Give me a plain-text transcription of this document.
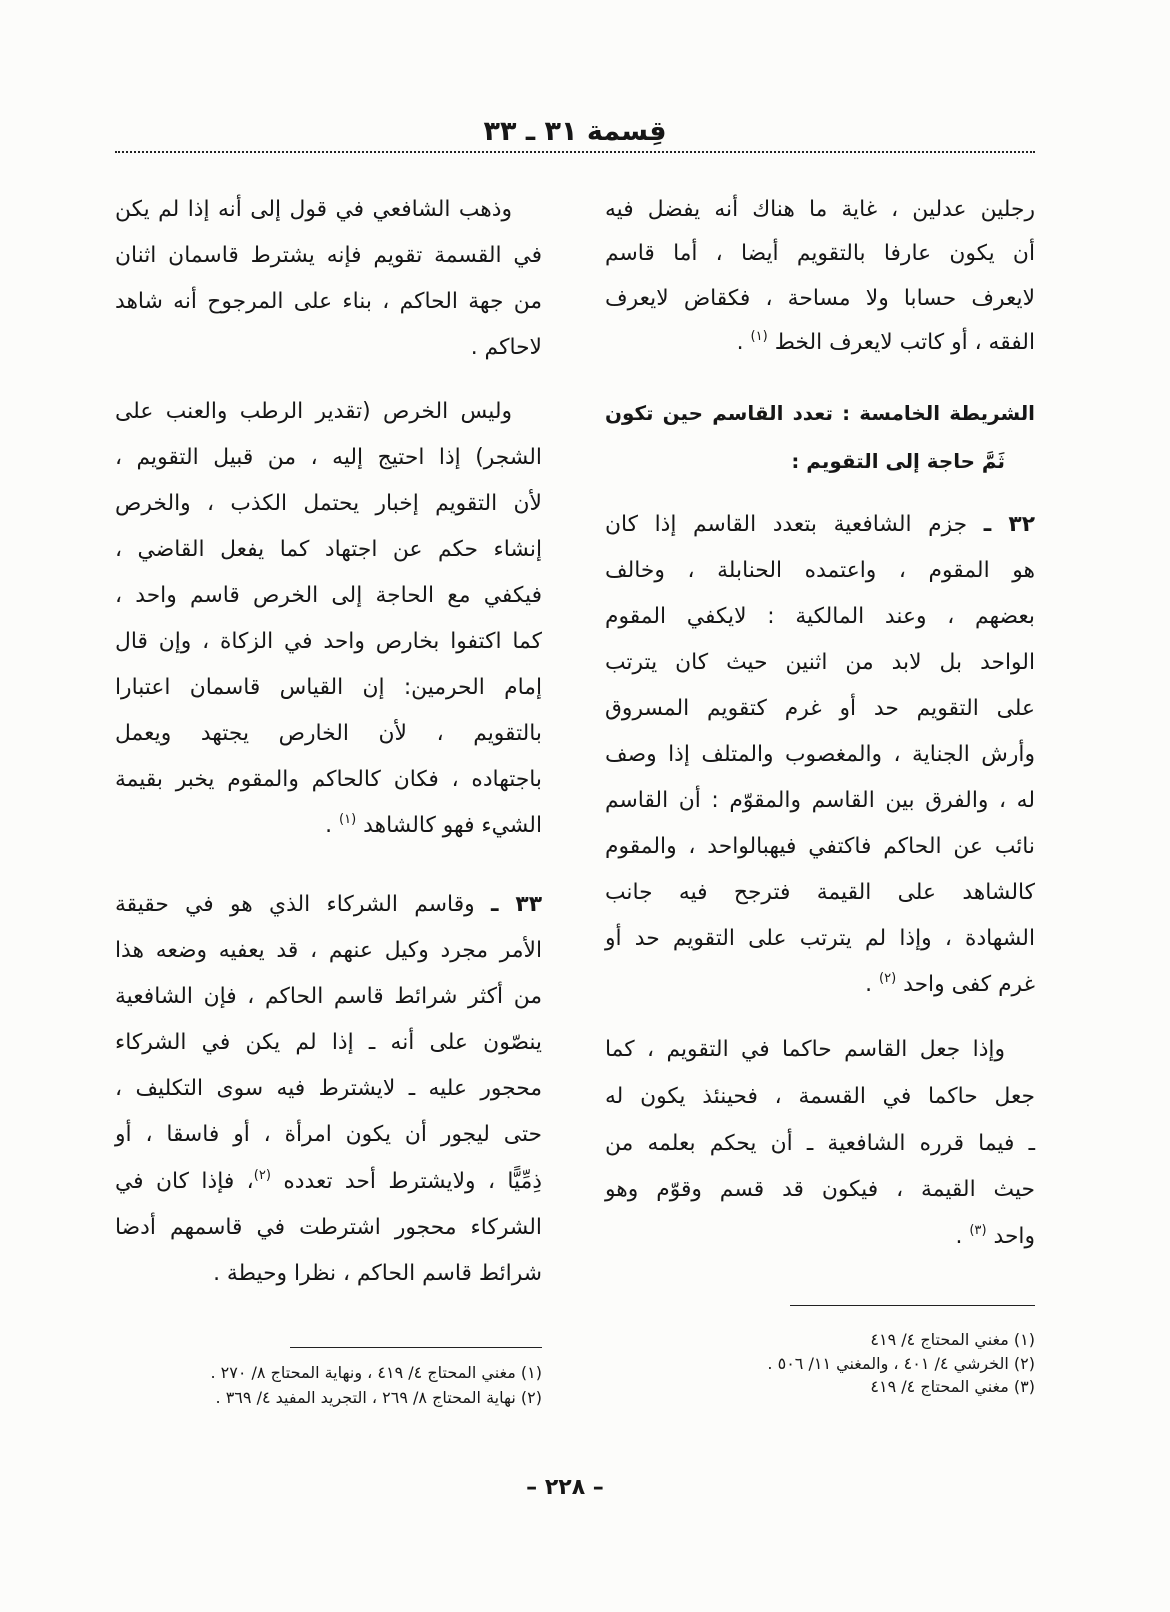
قِسمة ٣١ ـ ٣٣
رجلين عدلين ، غاية ما هناك أنه يفضل فيه
أن يكون عارفا بالتقويم أيضا ، أما قاسم
لايعرف حسابا ولا مساحة ، فكقاض لايعرف
الفقه ، أو كاتب لايعرف الخط $^{(١)}$ .
الشريطة الخامسة : تعدد القاسم حين تكون
ثَمَّ حاجة إلى التقويم :
٣٢ ـ جزم الشافعية بتعدد القاسم إذا كان
هو المقوم ، واعتمده الحنابلة ، وخالف
بعضهم ، وعند المالكية : لايكفي المقوم
الواحد بل لابد من اثنين حيث كان يترتب
على التقويم حد أو غرم كتقويم المسروق
وأرش الجناية ، والمغصوب والمتلف إذا وصف
له ، والفرق بين القاسم والمقوّم : أن القاسم
نائب عن الحاكم فاكتفي فيهبالواحد ، والمقوم
كالشاهد على القيمة فترجح فيه جانب
الشهادة ، وإذا لم يترتب على التقويم حد أو
غرم كفى واحد $^{(٢)}$ .
وإذا جعل القاسم حاكما في التقويم ، كما
جعل حاكما في القسمة ، فحينئذ يكون له
ـ فيما قرره الشافعية ـ أن يحكم بعلمه من
حيث القيمة ، فيكون قد قسم وقوّم وهو
واحد $^{(٣)}$ .
(١) مغني المحتاج ٤/ ٤١٩
(٢) الخرشي ٤/ ٤٠١ ، والمغني ١١/ ٥٠٦ .
(٣) مغني المحتاج ٤/ ٤١٩
وذهب الشافعي في قول إلى أنه إذا لم يكن
في القسمة تقويم فإنه يشترط قاسمان اثنان
من جهة الحاكم ، بناء على المرجوح أنه شاهد
لاحاكم .
وليس الخرص (تقدير الرطب والعنب على
الشجر) إذا احتيج إليه ، من قبيل التقويم ،
لأن التقويم إخبار يحتمل الكذب ، والخرص
إنشاء حكم عن اجتهاد كما يفعل القاضي ،
فيكفي مع الحاجة إلى الخرص قاسم واحد ،
كما اكتفوا بخارص واحد في الزكاة ، وإن قال
إمام الحرمين: إن القياس قاسمان اعتبارا
بالتقويم ، لأن الخارص يجتهد ويعمل
باجتهاده ، فكان كالحاكم والمقوم يخبر بقيمة
الشيء فهو كالشاهد $^{(١)}$ .
٣٣ ـ وقاسم الشركاء الذي هو في حقيقة
الأمر مجرد وكيل عنهم ، قد يعفيه وضعه هذا
من أكثر شرائط قاسم الحاكم ، فإن الشافعية
ينصّون على أنه ـ إذا لم يكن في الشركاء
محجور عليه ـ لايشترط فيه سوى التكليف ،
حتى ليجور أن يكون امرأة ، أو فاسقا ، أو
ذِمِّيًّا ، ولايشترط أحد تعدده $^{(٢)}$، فإذا كان في
الشركاء محجور اشترطت في قاسمهم أدضا
شرائط قاسم الحاكم ، نظرا وحيطة .
(١) مغني المحتاج ٤/ ٤١٩ ، ونهاية المحتاج ٨/ ٢٧٠ .
(٢) نهاية المحتاج ٨/ ٢٦٩ ، التجريد المفيد ٤/ ٣٦٩ .
– ٢٢٨ –
